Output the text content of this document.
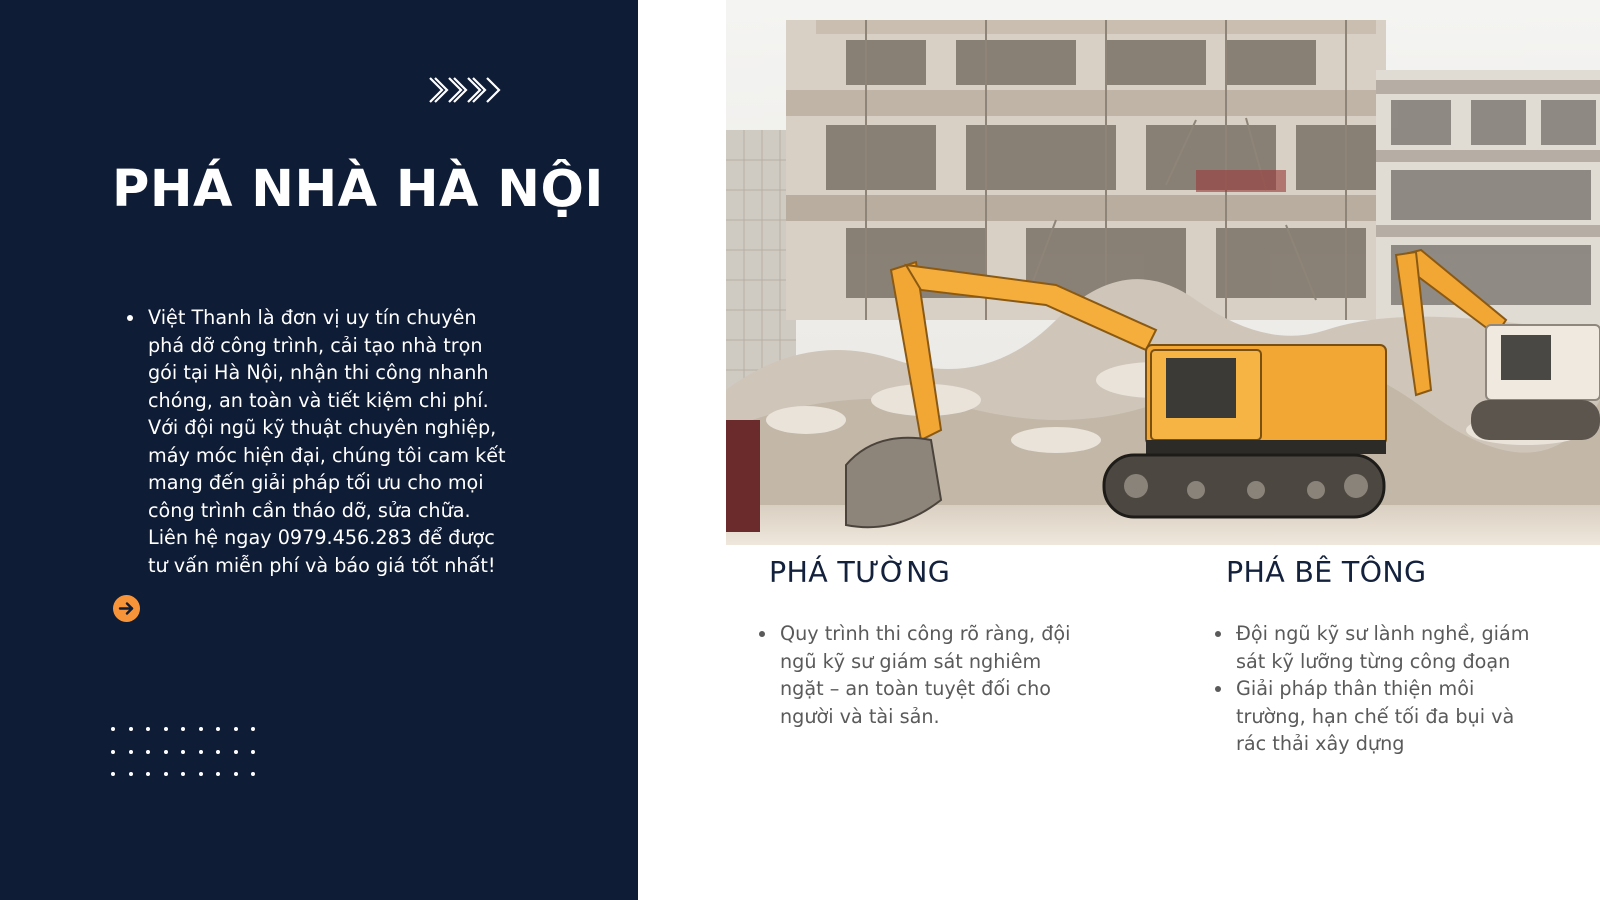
PHÁ NHÀ HÀ NỘI
• Việt Thanh là đơn vị uy tín chuyên phá dỡ công trình, cải tạo nhà trọn gói tại Hà Nội, nhận thi công nhanh chóng, an toàn và tiết kiệm chi phí. Với đội ngũ kỹ thuật chuyên nghiệp, máy móc hiện đại, chúng tôi cam kết mang đến giải pháp tối ưu cho mọi công trình cần tháo dỡ, sửa chữa. Liên hệ ngay 0979.456.283 để được tư vấn miễn phí và báo giá tốt nhất!	PHÁ TƯỜNG
• Quy trình thi công rõ ràng, đội ngũ kỹ sư giám sát nghiêm ngặt – an toàn tuyệt đối cho người và tài sản.
PHÁ BÊ TÔNG
• Đội ngũ kỹ sư lành nghề, giám sát kỹ lưỡng từng công đoạn
• Giải pháp thân thiện môi trường, hạn chế tối đa bụi và rác thải xây dựng
